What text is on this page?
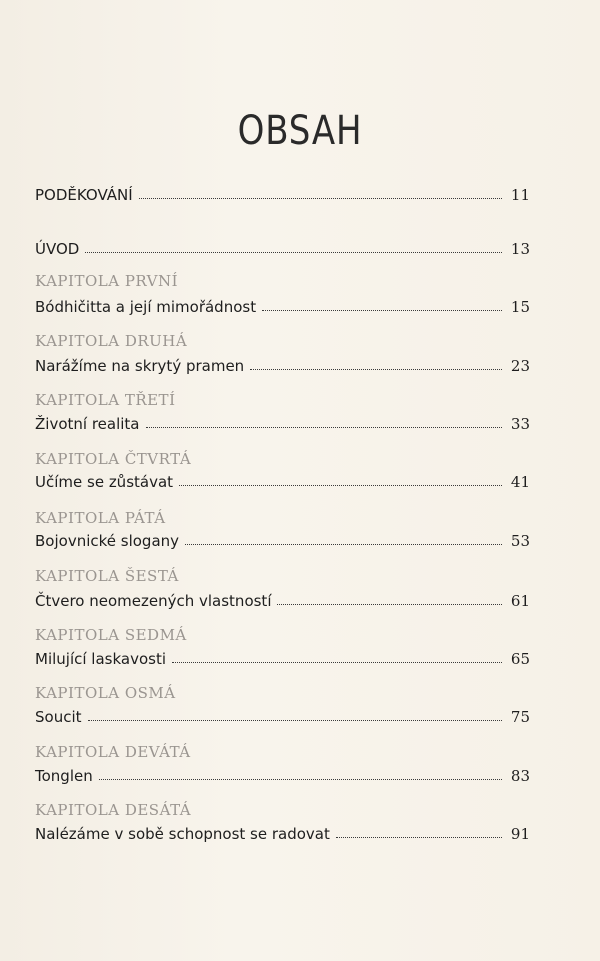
OBSAH
PODĚKOVÁNÍ	11
ÚVOD	13
KAPITOLA PRVNÍ
Bódhičitta a její mimořádnost	15
KAPITOLA DRUHÁ
Narážíme na skrytý pramen	23
KAPITOLA TŘETÍ
Životní realita	33
KAPITOLA ČTVRTÁ
Učíme se zůstávat	41
KAPITOLA PÁTÁ
Bojovnické slogany	53
KAPITOLA ŠESTÁ
Čtvero neomezených vlastností	61
KAPITOLA SEDMÁ
Milující laskavosti	65
KAPITOLA OSMÁ
Soucit	75
KAPITOLA DEVÁTÁ
Tonglen	83
KAPITOLA DESÁTÁ
Nalézáme v sobě schopnost se radovat	91
